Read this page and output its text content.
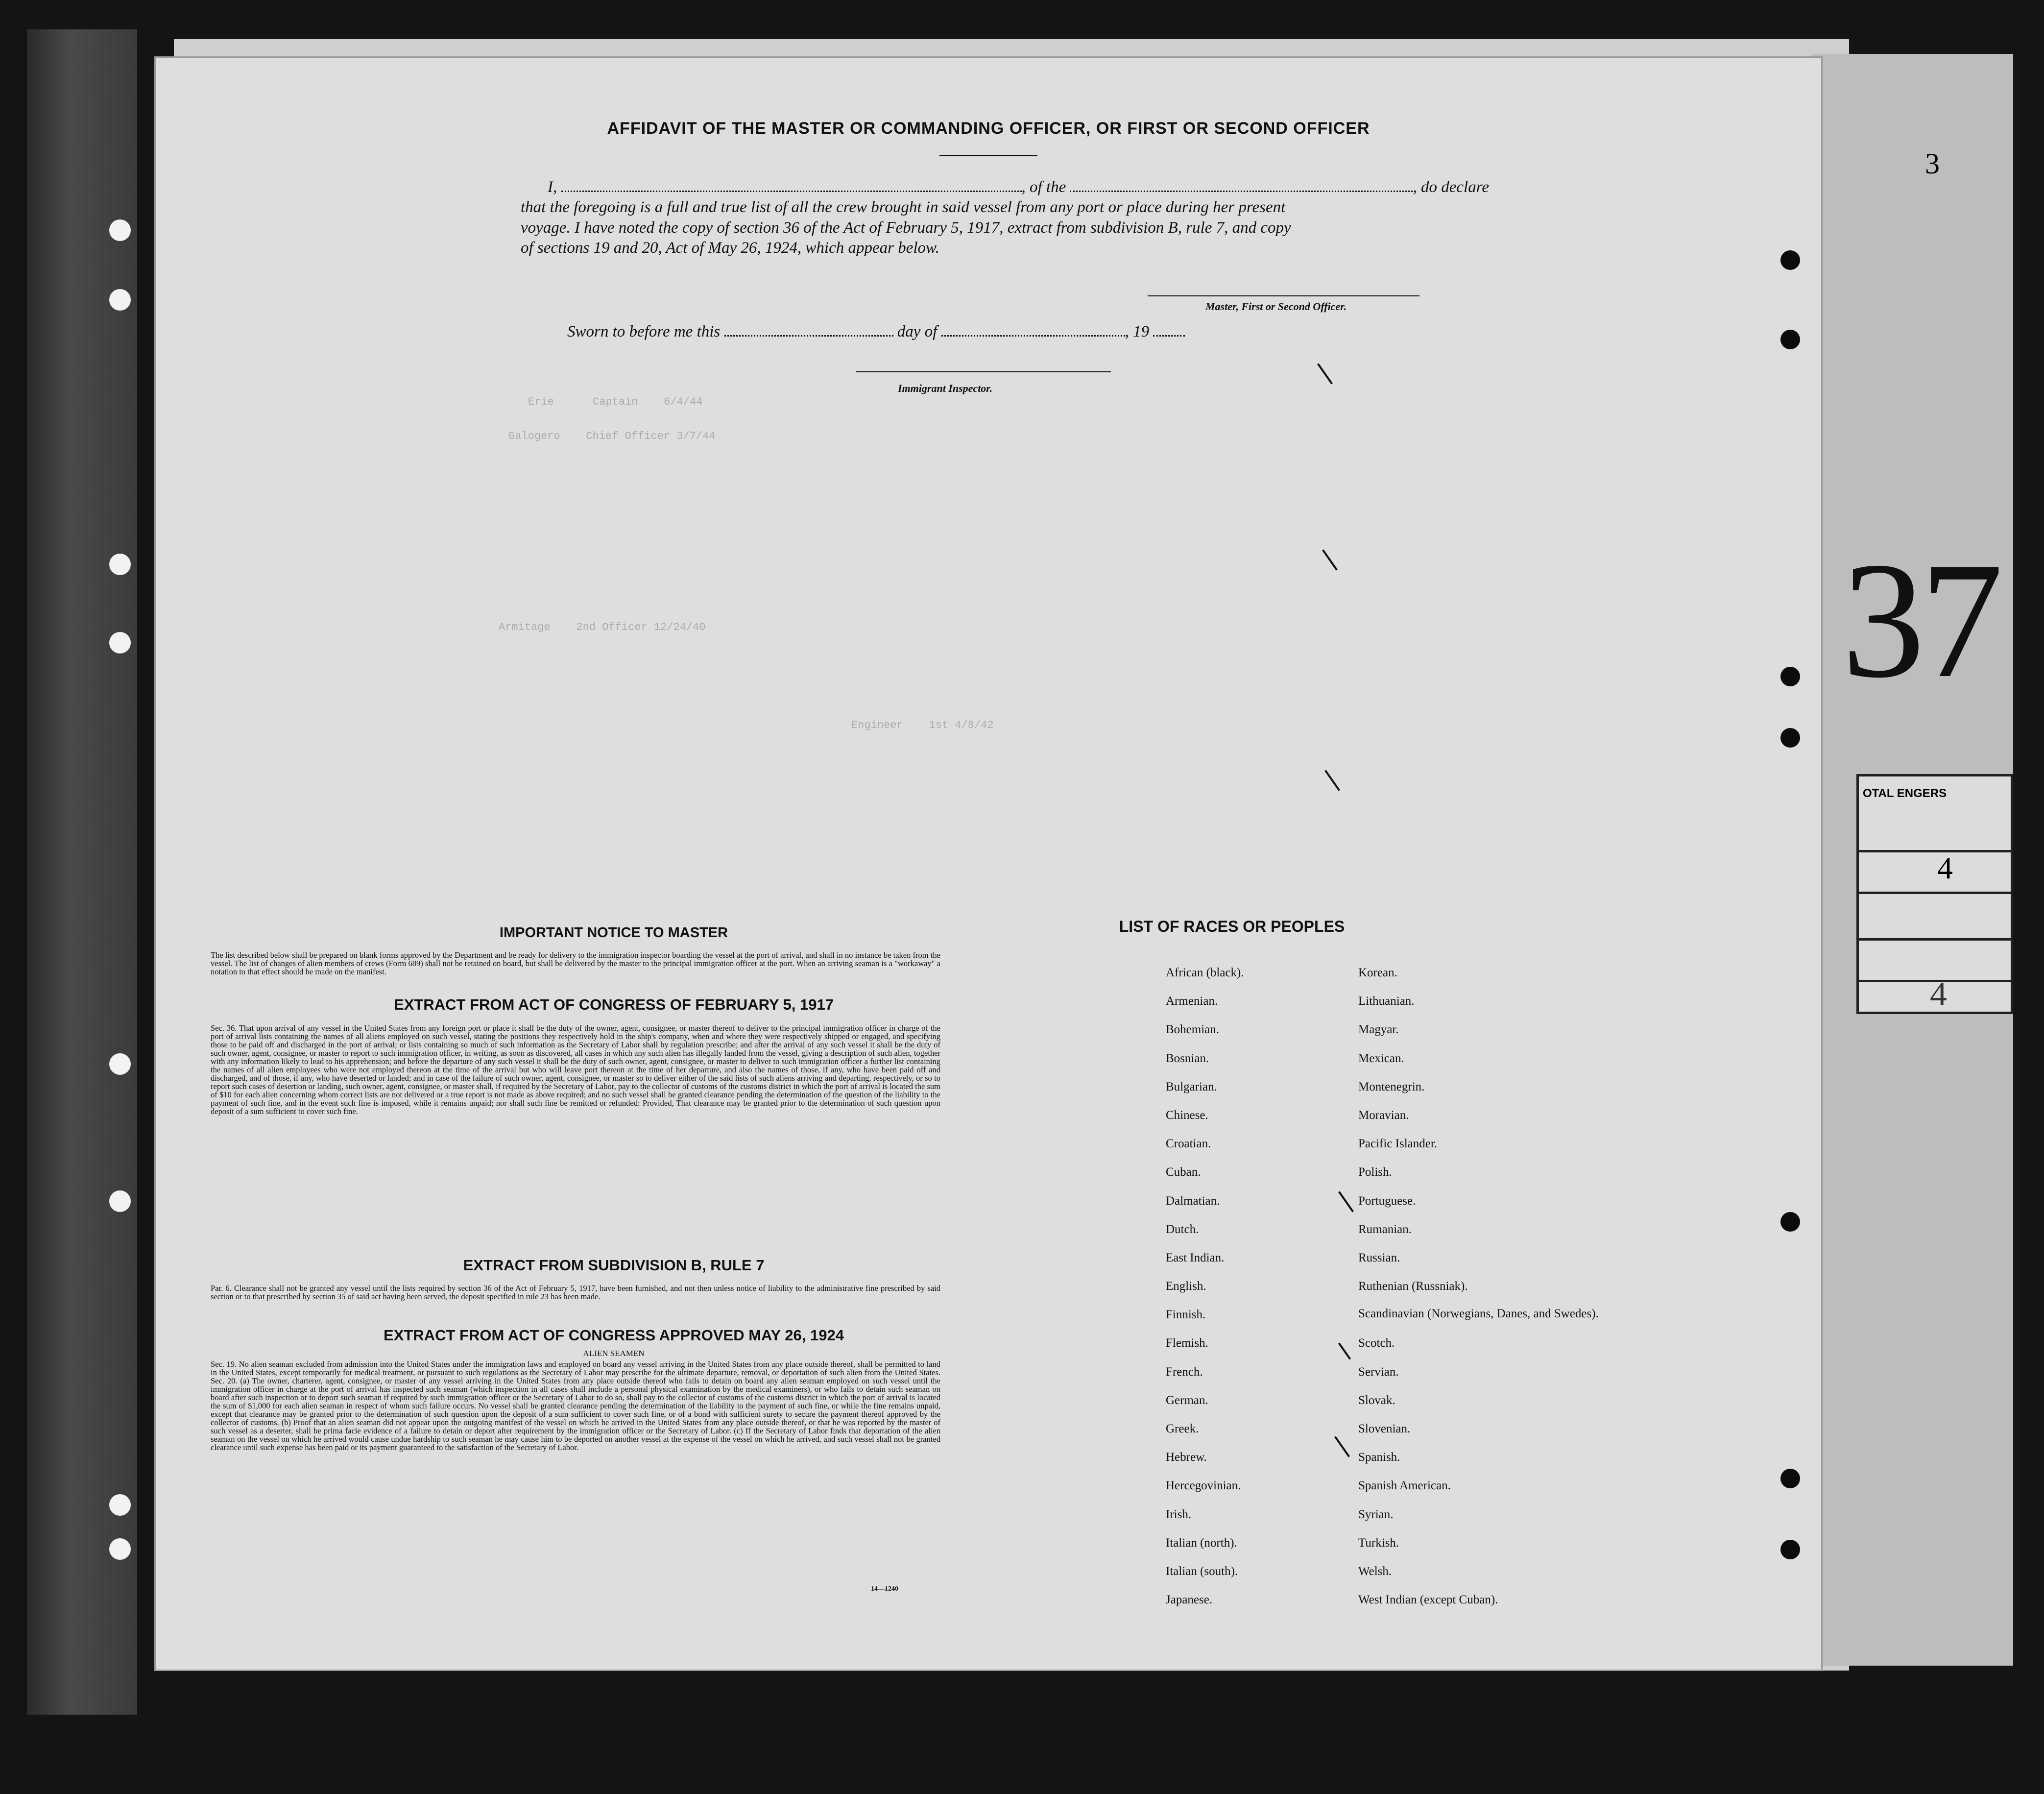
37
3
OTAL ENGERS
4
4
Erie      Captain    6/4/44
Galogero    Chief Officer 3/7/44
Armitage    2nd Officer 12/24/40
Engineer    1st 4/8/42
AFFIDAVIT OF THE MASTER OR COMMANDING OFFICER, OR FIRST OR SECOND OFFICER
I,	, of the	, do declare
that the foregoing is a full and true list of all the crew brought in said vessel from any port or place during her present
voyage. I have noted the copy of section 36 of the Act of February 5, 1917, extract from subdivision B, rule 7, and copy
of sections 19 and 20, Act of May 26, 1924, which appear below.
Master, First or Second Officer.
Sworn to before me this	day of	, 19
Immigrant Inspector.
IMPORTANT NOTICE TO MASTER
The list described below shall be prepared on blank forms approved by the Department and be ready for delivery to the immigration inspector boarding the vessel at the port of arrival, and shall in no instance be taken from the vessel. The list of changes of alien members of crews (Form 689) shall not be retained on board, but shall be delivered by the master to the principal immigration officer at the port. When an arriving seaman is a "workaway" a notation to that effect should be made on the manifest.
EXTRACT FROM ACT OF CONGRESS OF FEBRUARY 5, 1917
Sec. 36. That upon arrival of any vessel in the United States from any foreign port or place it shall be the duty of the owner, agent, consignee, or master thereof to deliver to the principal immigration officer in charge of the port of arrival lists containing the names of all aliens employed on such vessel, stating the positions they respectively hold in the ship's company, when and where they were respectively shipped or engaged, and specifying those to be paid off and discharged in the port of arrival; or lists containing so much of such information as the Secretary of Labor shall by regulation prescribe; and after the arrival of any such vessel it shall be the duty of such owner, agent, consignee, or master to report to such immigration officer, in writing, as soon as discovered, all cases in which any such alien has illegally landed from the vessel, giving a description of such alien, together with any information likely to lead to his apprehension; and before the departure of any such vessel it shall be the duty of such owner, agent, consignee, or master to deliver to such immigration officer a further list containing the names of all alien employees who were not employed thereon at the time of the arrival but who will leave port thereon at the time of her departure, and also the names of those, if any, who have been paid off and discharged, and of those, if any, who have deserted or landed; and in case of the failure of such owner, agent, consignee, or master so to deliver either of the said lists of such aliens arriving and departing, respectively, or so to report such cases of desertion or landing, such owner, agent, consignee, or master shall, if required by the Secretary of Labor, pay to the collector of customs of the customs district in which the port of arrival is located the sum of $10 for each alien concerning whom correct lists are not delivered or a true report is not made as above required; and no such vessel shall be granted clearance pending the determination of the question of the liability to the payment of such fine, and in the event such fine is imposed, while it remains unpaid; nor shall such fine be remitted or refunded: Provided, That clearance may be granted prior to the determination of such question upon deposit of a sum sufficient to cover such fine.
EXTRACT FROM SUBDIVISION B, RULE 7
Par. 6. Clearance shall not be granted any vessel until the lists required by section 36 of the Act of February 5, 1917, have been furnished, and not then unless notice of liability to the administrative fine prescribed by said section or to that prescribed by section 35 of said act having been served, the deposit specified in rule 23 has been made.
EXTRACT FROM ACT OF CONGRESS APPROVED MAY 26, 1924
ALIEN SEAMEN
Sec. 19. No alien seaman excluded from admission into the United States under the immigration laws and employed on board any vessel arriving in the United States from any place outside thereof, shall be permitted to land in the United States, except temporarily for medical treatment, or pursuant to such regulations as the Secretary of Labor may prescribe for the ultimate departure, removal, or deportation of such alien from the United States. Sec. 20. (a) The owner, charterer, agent, consignee, or master of any vessel arriving in the United States from any place outside thereof who fails to detain on board any alien seaman employed on such vessel until the immigration officer in charge at the port of arrival has inspected such seaman (which inspection in all cases shall include a personal physical examination by the medical examiners), or who fails to detain such seaman on board after such inspection or to deport such seaman if required by such immigration officer or the Secretary of Labor to do so, shall pay to the collector of customs of the customs district in which the port of arrival is located the sum of $1,000 for each alien seaman in respect of whom such failure occurs. No vessel shall be granted clearance pending the determination of the liability to the payment of such fine, or while the fine remains unpaid, except that clearance may be granted prior to the determination of such question upon the deposit of a sum sufficient to cover such fine, or of a bond with sufficient surety to secure the payment thereof approved by the collector of customs. (b) Proof that an alien seaman did not appear upon the outgoing manifest of the vessel on which he arrived in the United States from any place outside thereof, or that he was reported by the master of such vessel as a deserter, shall be prima facie evidence of a failure to detain or deport after requirement by the immigration officer or the Secretary of Labor. (c) If the Secretary of Labor finds that deportation of the alien seaman on the vessel on which he arrived would cause undue hardship to such seaman he may cause him to be deported on another vessel at the expense of the vessel on which he arrived, and such vessel shall not be granted clearance until such expense has been paid or its payment guaranteed to the satisfaction of the Secretary of Labor.
14—1240
LIST OF RACES OR PEOPLES
African (black).
Armenian.
Bohemian.
Bosnian.
Bulgarian.
Chinese.
Croatian.
Cuban.
Dalmatian.
Dutch.
East Indian.
English.
Finnish.
Flemish.
French.
German.
Greek.
Hebrew.
Hercegovinian.
Irish.
Italian (north).
Italian (south).
Japanese.
Korean.
Lithuanian.
Magyar.
Mexican.
Montenegrin.
Moravian.
Pacific Islander.
Polish.
Portuguese.
Rumanian.
Russian.
Ruthenian (Russniak).
Scandinavian (Norwegians, Danes, and Swedes).
Scotch.
Servian.
Slovak.
Slovenian.
Spanish.
Spanish American.
Syrian.
Turkish.
Welsh.
West Indian (except Cuban).
